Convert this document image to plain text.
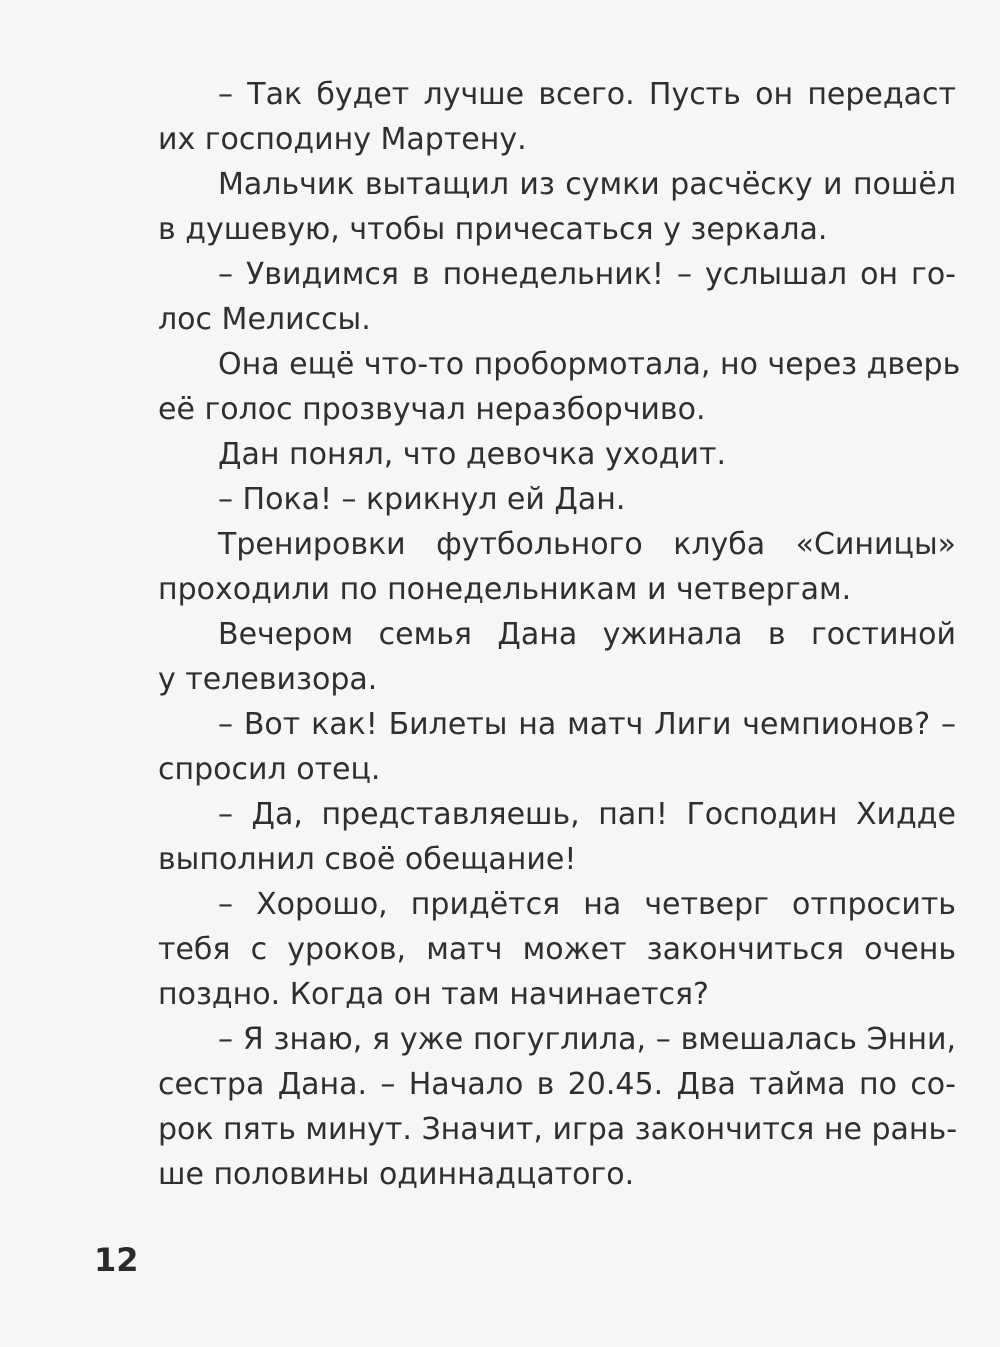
– Так будет лучше всего. Пусть он передаст
их господину Мартену.

Мальчик вытащил из сумки расчёску и пошёл
в душевую, чтобы причесаться у зеркала.

– Увидимся в понедельник! – услышал он го-
лос Мелиссы.

Она ещё что-то пробормотала, но через дверь
её голос прозвучал неразборчиво.

Дан понял, что девочка уходит.

– Пока! – крикнул ей Дан.

Тренировки футбольного клуба «Синицы»
проходили по понедельникам и четвергам.

Вечером семья Дана ужинала в гостиной
у телевизора.

– Вот как! Билеты на матч Лиги чемпионов? –
спросил отец.

– Да, представляешь, пап! Господин Хидде
выполнил своё обещание!

– Хорошо, придётся на четверг отпросить
тебя с уроков, матч может закончиться очень
поздно. Когда он там начинается?

– Я знаю, я уже погуглила, – вмешалась Энни,
сестра Дана. – Начало в 20.45. Два тайма по со-
рок пять минут. Значит, игра закончится не рань-
ше половины одиннадцатого.

12
